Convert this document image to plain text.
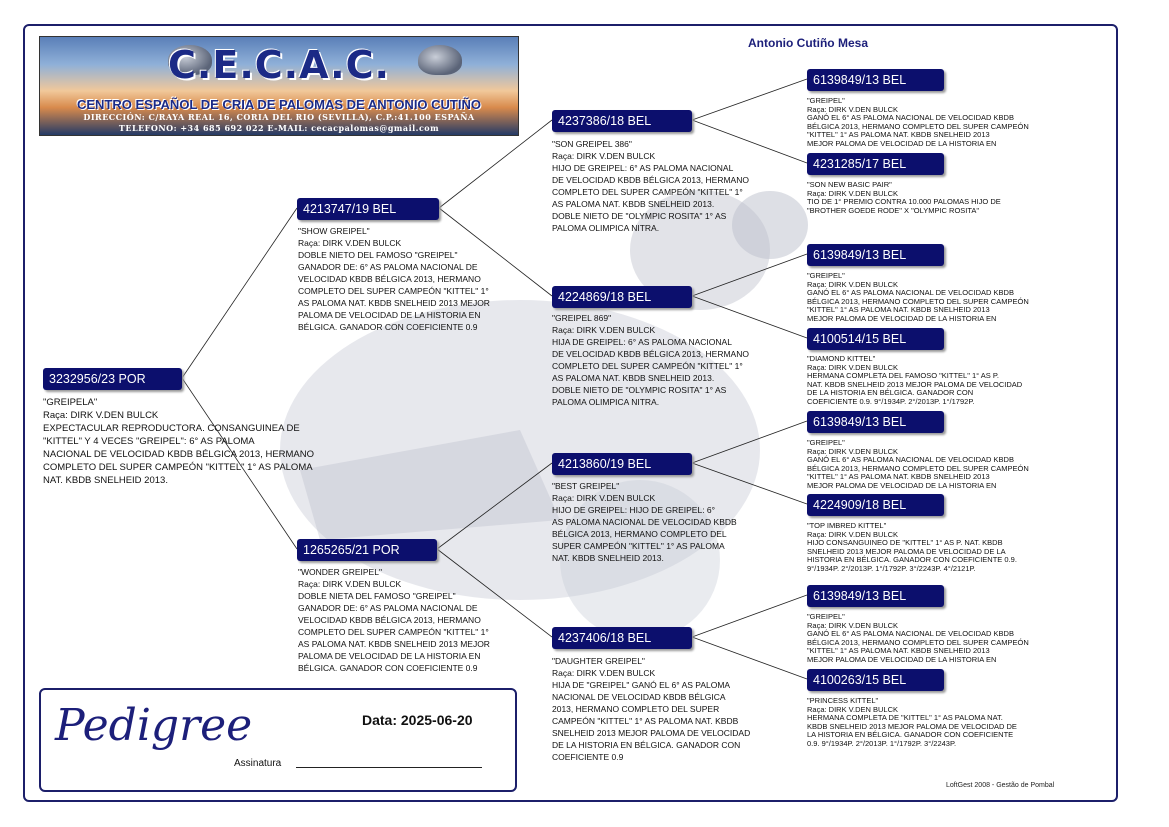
C.E.C.A.C.
CENTRO ESPAÑOL DE CRIA DE PALOMAS DE ANTONIO CUTIÑO
DIRECCIÓN: C/RAYA REAL 16, CORIA DEL RIO (SEVILLA), C.P.:41.100 ESPAÑA
TELEFONO: +34 685 692 022 E-MAIL: cecacpalomas@gmail.com
Antonio Cutiño Mesa
3232956/23 POR
"GREIPELA"
Raça: DIRK V.DEN BULCK
EXPECTACULAR REPRODUCTORA. CONSANGUINEA DE
"KITTEL" Y 4 VECES "GREIPEL": 6° AS PALOMA
NACIONAL DE VELOCIDAD KBDB BÉLGICA 2013, HERMANO
COMPLETO DEL SUPER CAMPEÓN "KITTEL" 1° AS PALOMA
NAT. KBDB SNELHEID 2013.
4213747/19 BEL
"SHOW GREIPEL"
Raça: DIRK V.DEN BULCK
DOBLE NIETO DEL FAMOSO "GREIPEL"
GANADOR DE: 6° AS PALOMA NACIONAL DE
VELOCIDAD KBDB BÉLGICA 2013, HERMANO
COMPLETO DEL SUPER CAMPEÓN "KITTEL" 1°
AS PALOMA NAT. KBDB SNELHEID 2013 MEJOR
PALOMA DE VELOCIDAD DE LA HISTORIA EN
BÉLGICA. GANADOR CON COEFICIENTE 0.9
1265265/21 POR
"WONDER GREIPEL"
Raça: DIRK V.DEN BULCK
DOBLE NIETA DEL FAMOSO "GREIPEL"
GANADOR DE: 6° AS PALOMA NACIONAL DE
VELOCIDAD KBDB BÉLGICA 2013, HERMANO
COMPLETO DEL SUPER CAMPEÓN "KITTEL" 1°
AS PALOMA NAT. KBDB SNELHEID 2013 MEJOR
PALOMA DE VELOCIDAD DE LA HISTORIA EN
BÉLGICA. GANADOR CON COEFICIENTE 0.9
4237386/18 BEL
"SON GREIPEL 386"
Raça: DIRK V.DEN BULCK
HIJO DE GREIPEL: 6° AS PALOMA NACIONAL
DE VELOCIDAD KBDB BÉLGICA 2013, HERMANO
COMPLETO DEL SUPER CAMPEÓN "KITTEL" 1°
AS PALOMA NAT. KBDB SNELHEID 2013.
DOBLE NIETO DE "OLYMPIC ROSITA" 1° AS
PALOMA OLIMPICA NITRA.
4224869/18 BEL
"GREIPEL 869"
Raça: DIRK V.DEN BULCK
HIJA DE GREIPEL: 6° AS PALOMA NACIONAL
DE VELOCIDAD KBDB BÉLGICA 2013, HERMANO
COMPLETO DEL SUPER CAMPEÓN "KITTEL" 1°
AS PALOMA NAT. KBDB SNELHEID 2013.
DOBLE NIETO DE "OLYMPIC ROSITA" 1° AS
PALOMA OLIMPICA NITRA.
4213860/19 BEL
"BEST GREIPEL"
Raça: DIRK V.DEN BULCK
HIJO DE GREIPEL: HIJO DE GREIPEL: 6°
AS PALOMA NACIONAL DE VELOCIDAD KBDB
BÉLGICA 2013, HERMANO COMPLETO DEL
SUPER CAMPEÓN "KITTEL" 1° AS PALOMA
NAT. KBDB SNELHEID 2013.
4237406/18 BEL
"DAUGHTER GREIPEL"
Raça: DIRK V.DEN BULCK
HIJA DE "GREIPEL" GANÓ EL 6° AS PALOMA
NACIONAL DE VELOCIDAD KBDB BÉLGICA
2013, HERMANO COMPLETO DEL SUPER
CAMPEÓN "KITTEL" 1° AS PALOMA NAT. KBDB
SNELHEID 2013 MEJOR PALOMA DE VELOCIDAD
DE LA HISTORIA EN BÉLGICA. GANADOR CON
COEFICIENTE 0.9
6139849/13 BEL
"GREIPEL"
Raça: DIRK V.DEN BULCK
GANÓ EL 6° AS PALOMA NACIONAL DE VELOCIDAD KBDB
BÉLGICA 2013, HERMANO COMPLETO DEL SUPER CAMPEÓN
"KITTEL" 1° AS PALOMA NAT. KBDB SNELHEID 2013
MEJOR PALOMA DE VELOCIDAD DE LA HISTORIA EN
4231285/17 BEL
"SON NEW BASIC PAIR"
Raça: DIRK V.DEN BULCK
TIO DE 1° PREMIO CONTRA 10.000 PALOMAS HIJO DE
"BROTHER GOEDE RODE" X "OLYMPIC ROSITA"
6139849/13 BEL
"GREIPEL"
Raça: DIRK V.DEN BULCK
GANÓ EL 6° AS PALOMA NACIONAL DE VELOCIDAD KBDB
BÉLGICA 2013, HERMANO COMPLETO DEL SUPER CAMPEÓN
"KITTEL" 1° AS PALOMA NAT. KBDB SNELHEID 2013
MEJOR PALOMA DE VELOCIDAD DE LA HISTORIA EN
4100514/15 BEL
"DIAMOND KITTEL"
Raça: DIRK V.DEN BULCK
HERMANA COMPLETA DEL FAMOSO "KITTEL" 1° AS P.
NAT. KBDB SNELHEID 2013 MEJOR PALOMA DE VELOCIDAD
DE LA HISTORIA EN BÉLGICA. GANADOR CON
COEFICIENTE 0.9. 9°/1934P. 2°/2013P. 1°/1792P.
6139849/13 BEL
"GREIPEL"
Raça: DIRK V.DEN BULCK
GANÓ EL 6° AS PALOMA NACIONAL DE VELOCIDAD KBDB
BÉLGICA 2013, HERMANO COMPLETO DEL SUPER CAMPEÓN
"KITTEL" 1° AS PALOMA NAT. KBDB SNELHEID 2013
MEJOR PALOMA DE VELOCIDAD DE LA HISTORIA EN
4224909/18 BEL
"TOP IMBRED KITTEL"
Raça: DIRK V.DEN BULCK
HIJO CONSANGUINEO DE "KITTEL" 1° AS P. NAT. KBDB
SNELHEID 2013 MEJOR PALOMA DE VELOCIDAD DE LA
HISTORIA EN BÉLGICA. GANADOR CON COEFICIENTE 0.9.
9°/1934P. 2°/2013P. 1°/1792P. 3°/2243P. 4°/2121P.
6139849/13 BEL
"GREIPEL"
Raça: DIRK V.DEN BULCK
GANÓ EL 6° AS PALOMA NACIONAL DE VELOCIDAD KBDB
BÉLGICA 2013, HERMANO COMPLETO DEL SUPER CAMPEÓN
"KITTEL" 1° AS PALOMA NAT. KBDB SNELHEID 2013
MEJOR PALOMA DE VELOCIDAD DE LA HISTORIA EN
4100263/15 BEL
"PRINCESS KITTEL"
Raça: DIRK V.DEN BULCK
HERMANA COMPLETA DE "KITTEL" 1° AS PALOMA NAT.
KBDB SNELHEID 2013 MEJOR PALOMA DE VELOCIDAD DE
LA HISTORIA EN BÉLGICA. GANADOR CON COEFICIENTE
0.9. 9°/1934P. 2°/2013P. 1°/1792P. 3°/2243P.
Pedigree	Data: 2025-06-20
Assinatura
LoftGest 2008 - Gestão de Pombal
